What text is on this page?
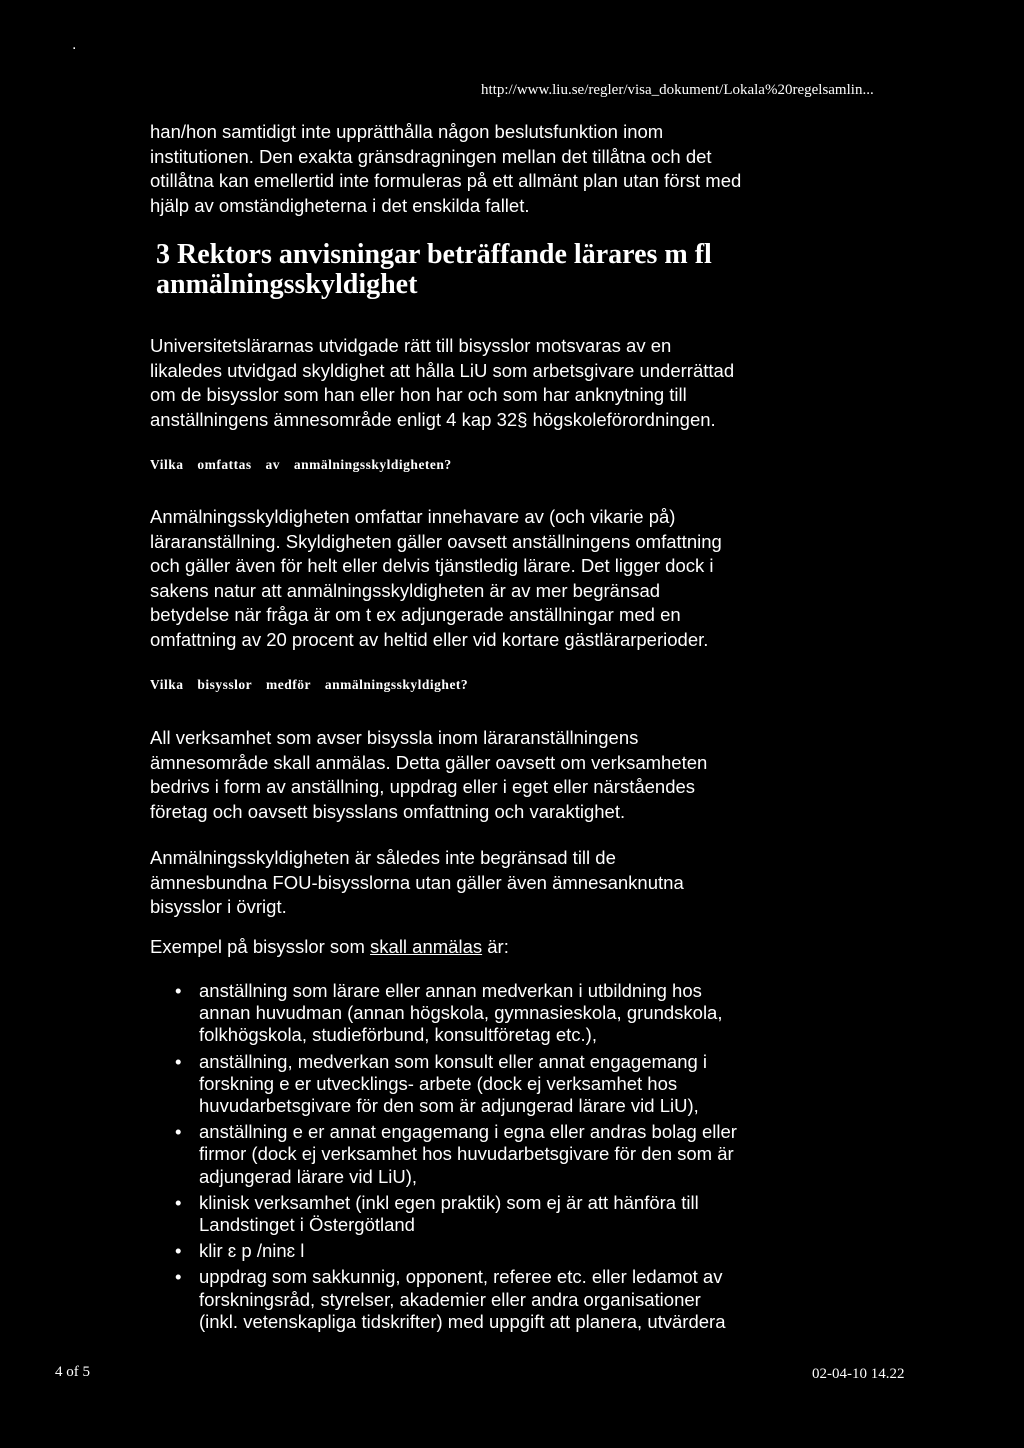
.
http://www.liu.se/regler/visa_dokument/Lokala%20regelsamlin...
han/hon samtidigt inte upprätthålla någon beslutsfunktion inom
institutionen. Den exakta gränsdragningen mellan det tillåtna och det
otillåtna kan emellertid inte formuleras på ett allmänt plan utan först med
hjälp av omständigheterna i det enskilda fallet.
3 Rektors anvisningar beträffande lärares m fl
anmälningsskyldighet
Universitetslärarnas utvidgade rätt till bisysslor motsvaras av en
likaledes utvidgad skyldighet att hålla LiU som arbetsgivare underrättad
om de bisysslor som han eller hon har och som har anknytning till
anställningens ämnesområde enligt 4 kap 32§ högskoleförordningen.
Vilka omfattas av anmälningsskyldigheten?
Anmälningsskyldigheten omfattar innehavare av (och vikarie på)
läraranställning. Skyldigheten gäller oavsett anställningens omfattning
och gäller även för helt eller delvis tjänstledig lärare. Det ligger dock i
sakens natur att anmälningsskyldigheten är av mer begränsad
betydelse när fråga är om t ex adjungerade anställningar med en
omfattning av 20 procent av heltid eller vid kortare gästlärarperioder.
Vilka bisysslor medför anmälningsskyldighet?
All verksamhet som avser bisyssla inom läraranställningens
ämnesområde skall anmälas. Detta gäller oavsett om verksamheten
bedrivs i form av anställning, uppdrag eller i eget eller närståendes
företag och oavsett bisysslans omfattning och varaktighet.
Anmälningsskyldigheten är således inte begränsad till de
ämnesbundna FOU-bisysslorna utan gäller även ämnesanknutna
bisysslor i övrigt.
Exempel på bisysslor som skall anmälas är:
• anställning som lärare eller annan medverkan i utbildning hos
annan huvudman (annan högskola, gymnasieskola, grundskola,
folkhögskola, studieförbund, konsultföretag etc.),
• anställning, medverkan som konsult eller annat engagemang i
forskning e er utvecklings- arbete (dock ej verksamhet hos
huvudarbetsgivare för den som är adjungerad lärare vid LiU),
• anställning e er annat engagemang i egna eller andras bolag eller
firmor (dock ej verksamhet hos huvudarbetsgivare för den som är
adjungerad lärare vid LiU),
• klinisk verksamhet (inkl egen praktik) som ej är att hänföra till
Landstinget i Östergötland
• klir ɛ p /ninɛ l
• uppdrag som sakkunnig, opponent, referee etc. eller ledamot av
forskningsråd, styrelser, akademier eller andra organisationer
(inkl. vetenskapliga tidskrifter) med uppgift att planera, utvärdera
4 of 5	02-04-10 14.22
